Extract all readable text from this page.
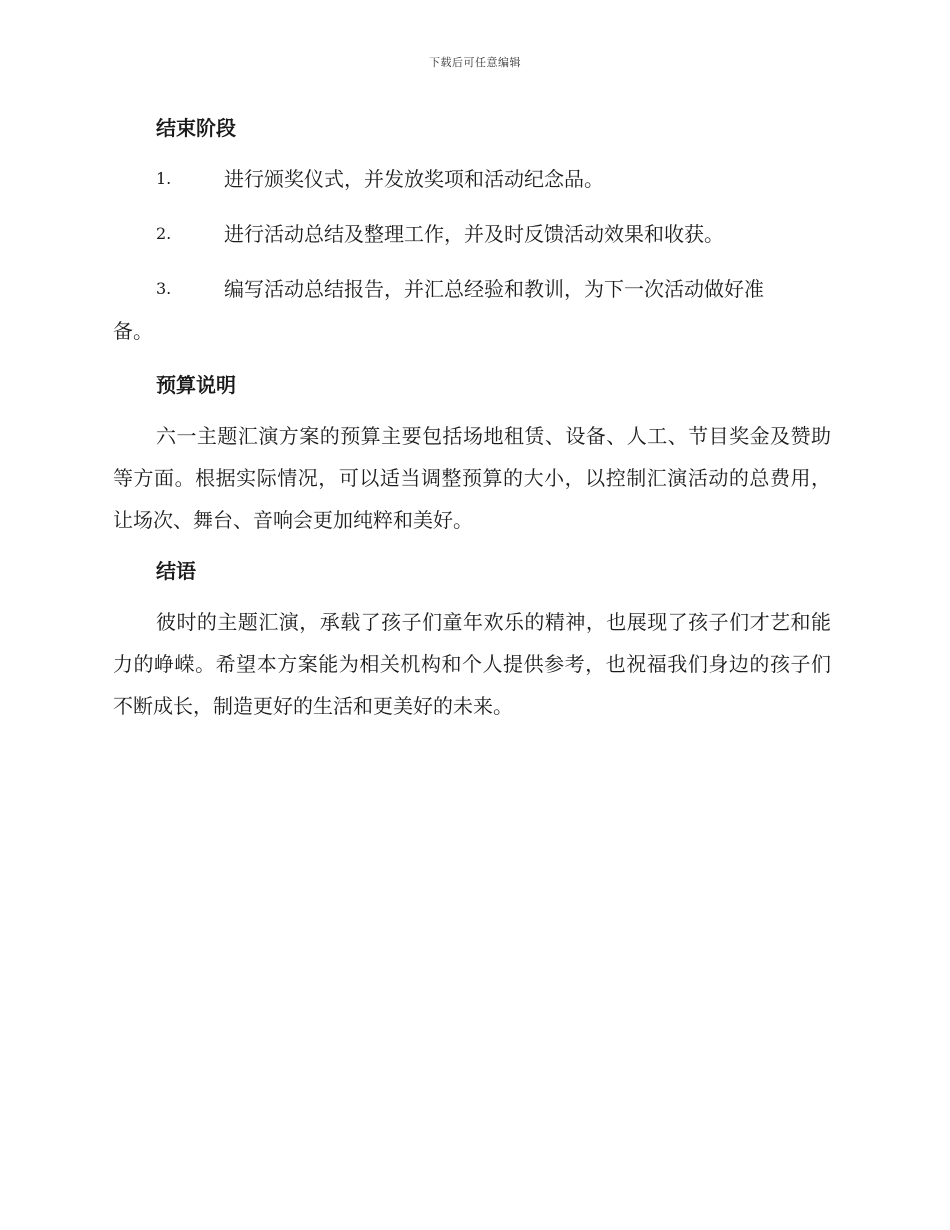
下载后可任意编辑
结束阶段
1.	进行颁奖仪式，并发放奖项和活动纪念品。
2.	进行活动总结及整理工作，并及时反馈活动效果和收获。
3.	编写活动总结报告，并汇总经验和教训，为下一次活动做好准
备。
预算说明

六一主题汇演方案的预算主要包括场地租赁、设备、人工、节目奖金及赞助等方面。根据实际情况，可以适当调整预算的大小，以控制汇演活动的总费用，让场次、舞台、音响会更加纯粹和美好。

结语

彼时的主题汇演，承载了孩子们童年欢乐的精神，也展现了孩子们才艺和能力的峥嵘。希望本方案能为相关机构和个人提供参考，也祝福我们身边的孩子们不断成长，制造更好的生活和更美好的未来。
